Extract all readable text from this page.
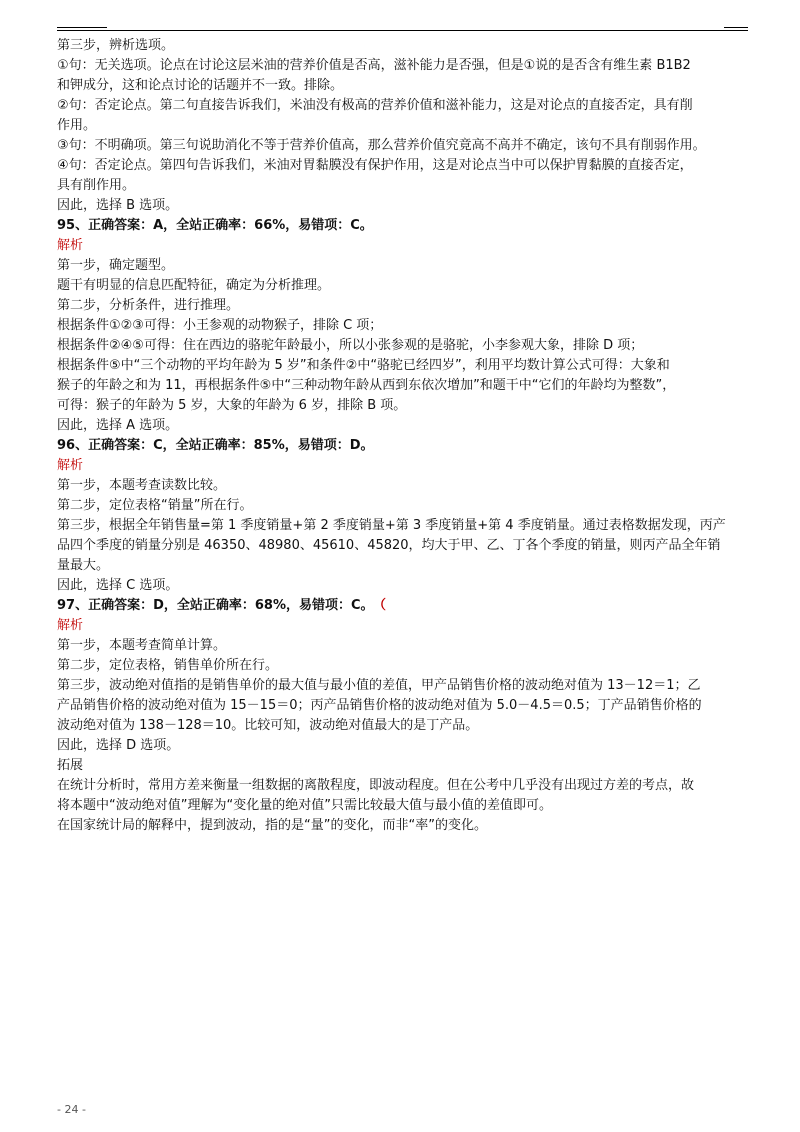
第三步，辨析选项。
①句：无关选项。论点在讨论这层米油的营养价值是否高，滋补能力是否强，但是①说的是否含有维生素 B1B2
和钾成分，这和论点讨论的话题并不一致。排除。
②句：否定论点。第二句直接告诉我们，米油没有极高的营养价值和滋补能力，这是对论点的直接否定，具有削
作用。
③句：不明确项。第三句说助消化不等于营养价值高，那么营养价值究竟高不高并不确定，该句不具有削弱作用。
④句：否定论点。第四句告诉我们，米油对胃黏膜没有保护作用，这是对论点当中可以保护胃黏膜的直接否定，
具有削作用。
因此，选择 B 选项。
95、正确答案：A，全站正确率：66%，易错项：C。
解析
第一步，确定题型。
题干有明显的信息匹配特征，确定为分析推理。
第二步，分析条件，进行推理。
根据条件①②③可得：小王参观的动物猴子，排除 C 项；
根据条件②④⑤可得：住在西边的骆驼年龄最小，所以小张参观的是骆驼，小李参观大象，排除 D 项；
根据条件⑤中“三个动物的平均年龄为 5 岁”和条件②中“骆驼已经四岁”，利用平均数计算公式可得：大象和
猴子的年龄之和为 11，再根据条件⑤中“三种动物年龄从西到东依次增加”和题干中“它们的年龄均为整数”，
可得：猴子的年龄为 5 岁，大象的年龄为 6 岁，排除 B 项。
因此，选择 A 选项。
96、正确答案：C，全站正确率：85%，易错项：D。
解析
第一步，本题考查读数比较。
第二步，定位表格“销量”所在行。
第三步，根据全年销售量=第 1 季度销量+第 2 季度销量+第 3 季度销量+第 4 季度销量。通过表格数据发现，丙产
品四个季度的销量分别是 46350、48980、45610、45820，均大于甲、乙、丁各个季度的销量，则丙产品全年销
量最大。
因此，选择 C 选项。
97、正确答案：D，全站正确率：68%，易错项：C。 （
解析
第一步，本题考查简单计算。
第二步，定位表格，销售单价所在行。
第三步，波动绝对值指的是销售单价的最大值与最小值的差值，甲产品销售价格的波动绝对值为 13－12＝1；乙
产品销售价格的波动绝对值为 15－15＝0；丙产品销售价格的波动绝对值为 5.0－4.5＝0.5；丁产品销售价格的
波动绝对值为 138－128＝10。比较可知，波动绝对值最大的是丁产品。
因此，选择 D 选项。
拓展
在统计分析时，常用方差来衡量一组数据的离散程度，即波动程度。但在公考中几乎没有出现过方差的考点，故
将本题中“波动绝对值”理解为“变化量的绝对值”只需比较最大值与最小值的差值即可。
在国家统计局的解释中，提到波动，指的是“量”的变化，而非“率”的变化。
- 24 -
